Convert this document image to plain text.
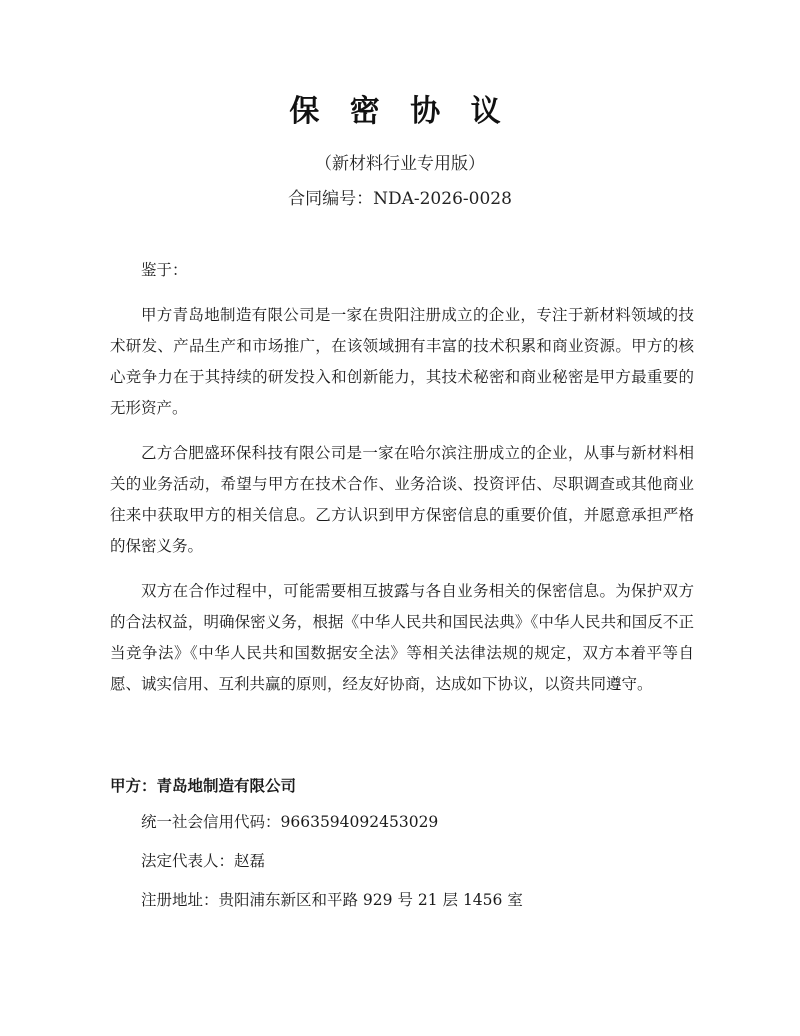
保 密 协 议
（新材料行业专用版）
合同编号：NDA-2026-0028

鉴于：

甲方青岛地制造有限公司是一家在贵阳注册成立的企业，专注于新材料领域的技术研发、产品生产和市场推广，在该领域拥有丰富的技术积累和商业资源。甲方的核心竞争力在于其持续的研发投入和创新能力，其技术秘密和商业秘密是甲方最重要的无形资产。

乙方合肥盛环保科技有限公司是一家在哈尔滨注册成立的企业，从事与新材料相关的业务活动，希望与甲方在技术合作、业务洽谈、投资评估、尽职调查或其他商业往来中获取甲方的相关信息。乙方认识到甲方保密信息的重要价值，并愿意承担严格的保密义务。

双方在合作过程中，可能需要相互披露与各自业务相关的保密信息。为保护双方的合法权益，明确保密义务，根据《中华人民共和国民法典》《中华人民共和国反不正当竞争法》《中华人民共和国数据安全法》等相关法律法规的规定，双方本着平等自愿、诚实信用、互利共赢的原则，经友好协商，达成如下协议，以资共同遵守。

甲方：青岛地制造有限公司

统一社会信用代码：9663594092453029

法定代表人：赵磊

注册地址：贵阳浦东新区和平路 929 号 21 层 1456 室
